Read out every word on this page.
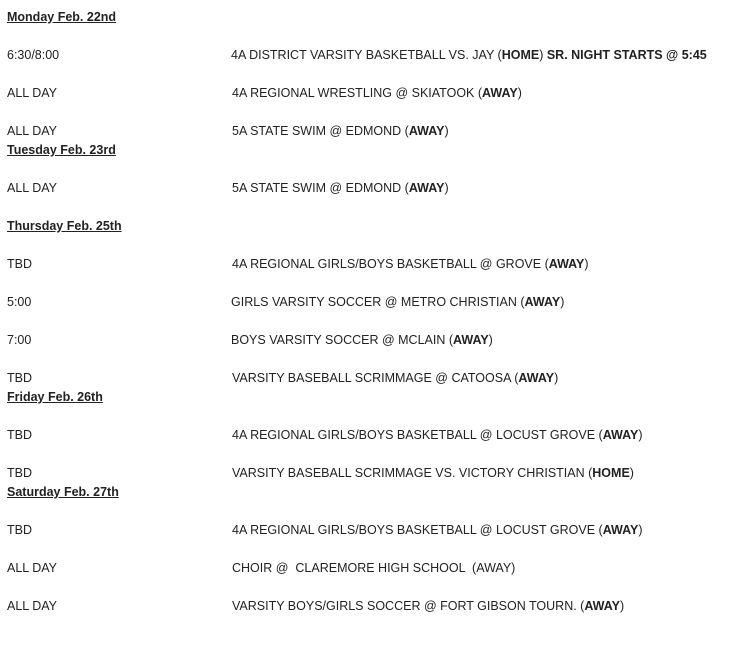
Monday Feb. 22nd
6:30/8:00	4A DISTRICT VARSITY BASKETBALL VS. JAY (HOME) SR. NIGHT STARTS @ 5:45
ALL DAY	4A REGIONAL WRESTLING @ SKIATOOK (AWAY)
ALL DAY	5A STATE SWIM @ EDMOND (AWAY)
Tuesday Feb. 23rd
ALL DAY	5A STATE SWIM @ EDMOND (AWAY)
Thursday Feb. 25th
TBD	4A REGIONAL GIRLS/BOYS BASKETBALL @ GROVE (AWAY)
5:00	GIRLS VARSITY SOCCER @ METRO CHRISTIAN (AWAY)
7:00	BOYS VARSITY SOCCER @ MCLAIN (AWAY)
TBD	VARSITY BASEBALL SCRIMMAGE @ CATOOSA (AWAY)
Friday Feb. 26th
TBD	4A REGIONAL GIRLS/BOYS BASKETBALL @ LOCUST GROVE (AWAY)
TBD	VARSITY BASEBALL SCRIMMAGE VS. VICTORY CHRISTIAN (HOME)
Saturday Feb. 27th
TBD	4A REGIONAL GIRLS/BOYS BASKETBALL @ LOCUST GROVE (AWAY)
ALL DAY	CHOIR @  CLAREMORE HIGH SCHOOL  (AWAY)
ALL DAY	VARSITY BOYS/GIRLS SOCCER @ FORT GIBSON TOURN. (AWAY)
